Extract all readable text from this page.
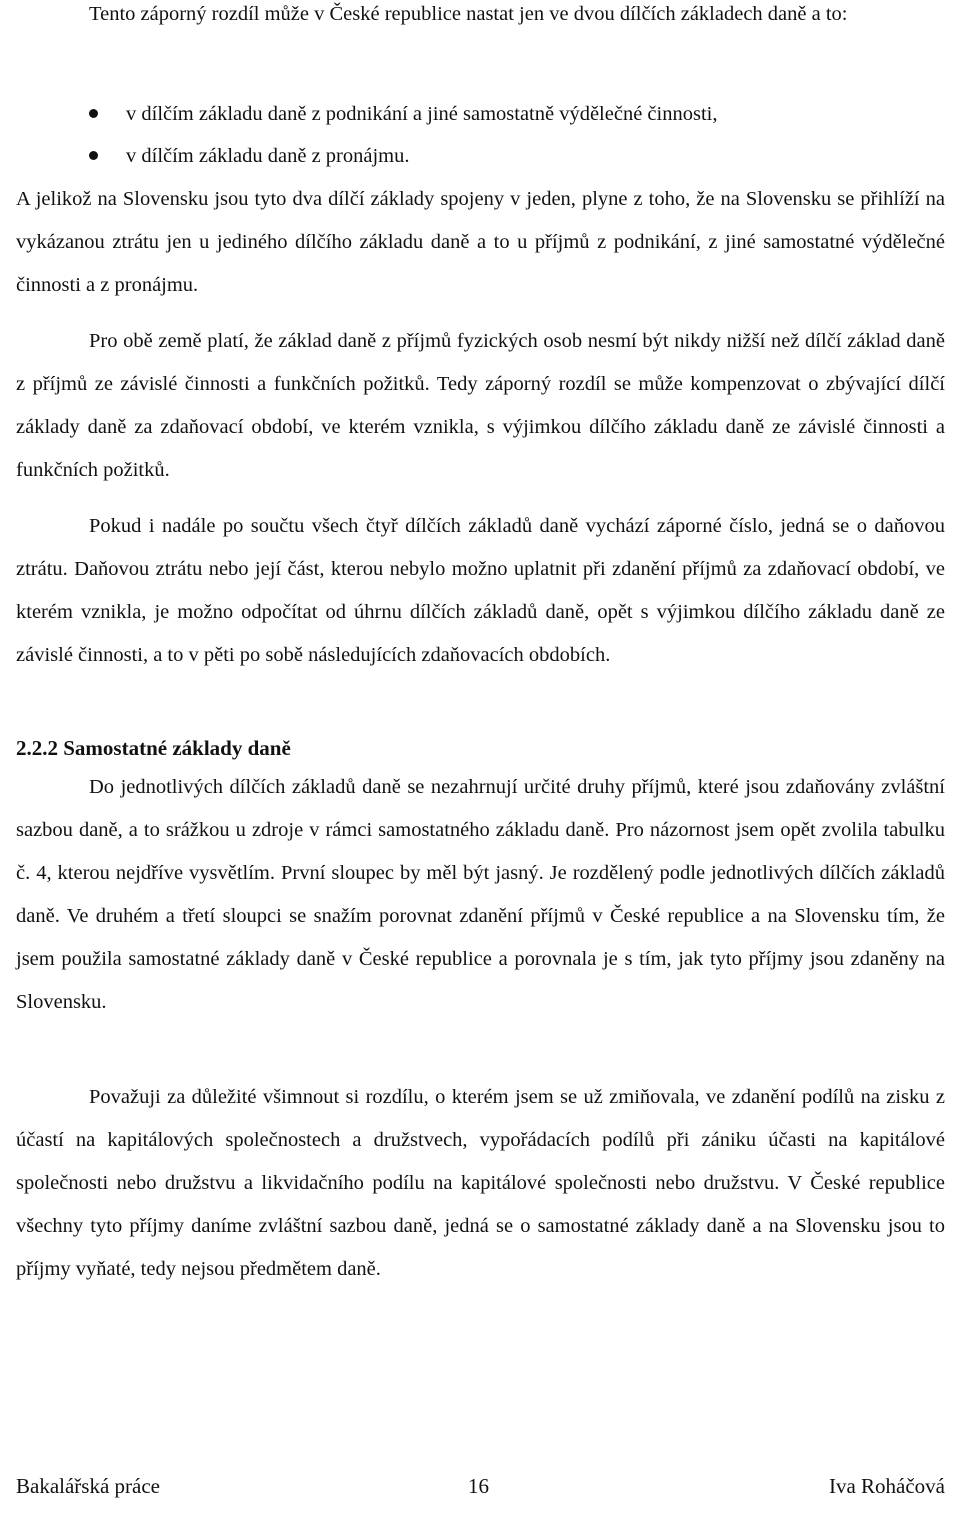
Tento záporný rozdíl může v České republice nastat jen ve dvou dílčích základech daně a to:

v dílčím základu daně z podnikání a jiné samostatně výdělečné činnosti,
v dílčím základu daně z pronájmu.

A jelikož na Slovensku jsou tyto dva dílčí základy spojeny v jeden, plyne z toho, že na Slovensku se přihlíží na vykázanou ztrátu jen u jediného dílčího základu daně a to u příjmů z podnikání, z jiné samostatné výdělečné činnosti a z pronájmu.

Pro obě země platí, že základ daně z příjmů fyzických osob nesmí být nikdy nižší než dílčí základ daně z příjmů ze závislé činnosti a funkčních požitků. Tedy záporný rozdíl se může kompenzovat o zbývající dílčí základy daně za zdaňovací období, ve kterém vznikla, s výjimkou dílčího základu daně ze závislé činnosti a funkčních požitků.

Pokud i nadále po součtu všech čtyř dílčích základů daně vychází záporné číslo, jedná se o daňovou ztrátu. Daňovou ztrátu nebo její část, kterou nebylo možno uplatnit při zdanění příjmů za zdaňovací období, ve kterém vznikla, je možno odpočítat od úhrnu dílčích základů daně, opět s výjimkou dílčího základu daně ze závislé činnosti, a to v pěti po sobě následujících zdaňovacích obdobích.

2.2.2 Samostatné základy daně

Do jednotlivých dílčích základů daně se nezahrnují určité druhy příjmů, které jsou zdaňovány zvláštní sazbou daně, a to srážkou u zdroje v rámci samostatného základu daně. Pro názornost jsem opět zvolila tabulku č. 4, kterou nejdříve vysvětlím. První sloupec by měl být jasný. Je rozdělený podle jednotlivých dílčích základů daně. Ve druhém a třetí sloupci se snažím porovnat zdanění příjmů v České republice a na Slovensku tím, že jsem použila samostatné základy daně v České republice a porovnala je s tím, jak tyto příjmy jsou zdaněny na Slovensku.

Považuji za důležité všimnout si rozdílu, o kterém jsem se už zmiňovala, ve zdanění podílů na zisku z účastí na kapitálových společnostech a družstvech, vypořádacích podílů při zániku účasti na kapitálové společnosti nebo družstvu a likvidačního podílu na kapitálové společnosti nebo družstvu. V České republice všechny tyto příjmy daníme zvláštní sazbou daně, jedná se o samostatné základy daně a na Slovensku jsou to příjmy vyňaté, tedy nejsou předmětem daně.

Bakalářská práce	16	Iva Roháčová
